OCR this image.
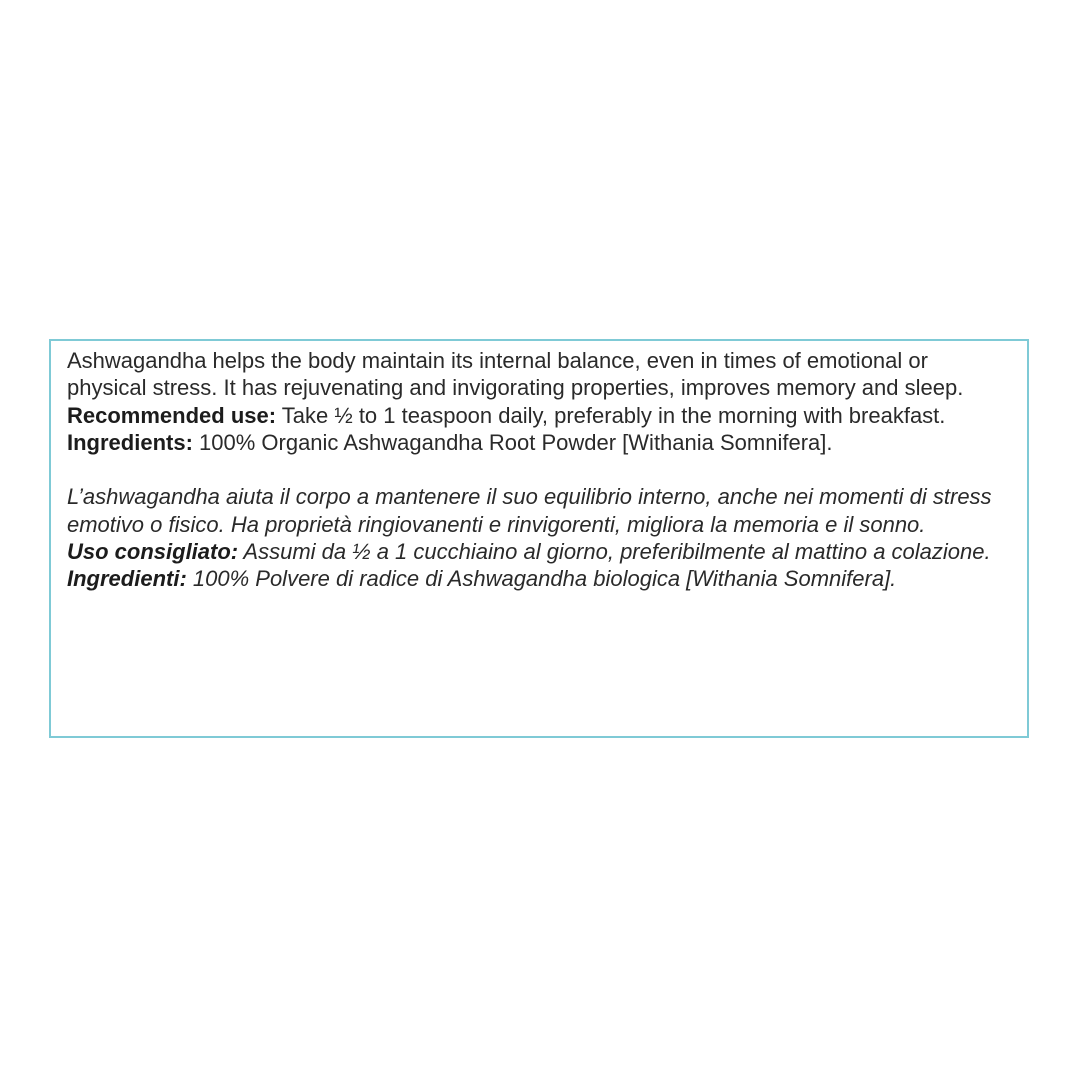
Ashwagandha helps the body maintain its internal balance, even in times of emotional or physical stress. It has rejuvenating and invigorating properties, improves memory and sleep.

Recommended use: Take ½ to 1 teaspoon daily, preferably in the morning with breakfast.

Ingredients: 100% Organic Ashwagandha Root Powder [Withania Somnifera].

L’ashwagandha aiuta il corpo a mantenere il suo equilibrio interno, anche nei momenti di stress emotivo o fisico. Ha proprietà ringiovanenti e rinvigorenti, migliora la memoria e il sonno.

Uso consigliato: Assumi da ½ a 1 cucchiaino al giorno, preferibilmente al mattino a colazione.

Ingredienti: 100% Polvere di radice di Ashwagandha biologica [Withania Somnifera].
